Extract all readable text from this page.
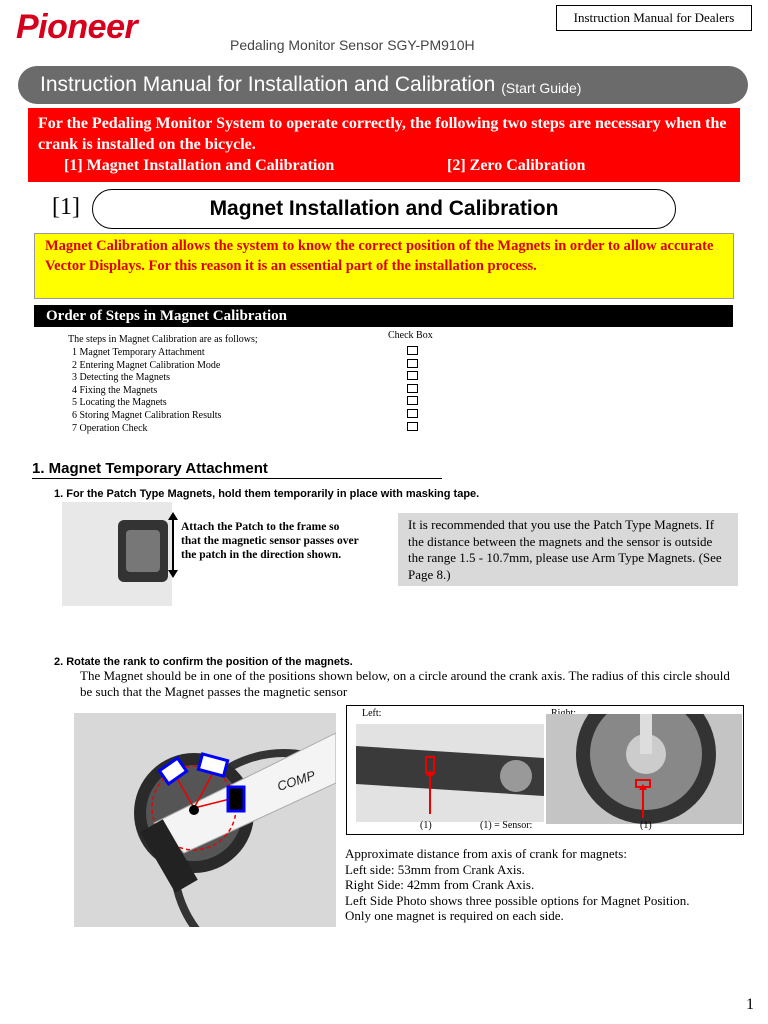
Pioneer	Instruction Manual for Dealers
Pedaling Monitor Sensor SGY-PM910H
Instruction Manual for Installation and Calibration (Start Guide)
For the Pedaling Monitor System to operate correctly, the following two steps are necessary when the crank is installed on the bicycle.
[1] Magnet Installation and Calibration	[2] Zero Calibration
[1]	Magnet Installation and Calibration
Magnet Calibration allows the system to know the correct position of the Magnets in order to allow accurate Vector Displays. For this reason it is an essential part of the installation process.
Order of Steps in Magnet Calibration
The steps in Magnet Calibration are as follows;	Check Box
1 Magnet Temporary Attachment
2 Entering Magnet Calibration Mode
3 Detecting the Magnets
4 Fixing the Magnets
5 Locating the Magnets
6 Storing Magnet Calibration Results
7 Operation Check
1. Magnet Temporary Attachment
1. For the Patch Type Magnets, hold them temporarily in place with masking tape.
Attach the Patch to the frame so that the magnetic sensor passes over the patch in the direction shown.
It is recommended that you use the Patch Type Magnets. If the distance between the magnets and the sensor is outside the range 1.5 - 10.7mm, please use Arm Type Magnets. (See Page 8.)
2. Rotate the rank to confirm the position of the magnets.
The Magnet should be in one of the positions shown below, on a circle around the crank axis. The radius of this circle should be such that the Magnet passes the magnetic sensor
COMP
Left:
(1)	(1) = Sensor:	(1)
Approximate distance from axis of crank for magnets:
Left side: 53mm from Crank Axis.
Right Side: 42mm from Crank Axis.
Left Side Photo shows three possible options for Magnet Position.
Only one magnet is required on each side.
1
